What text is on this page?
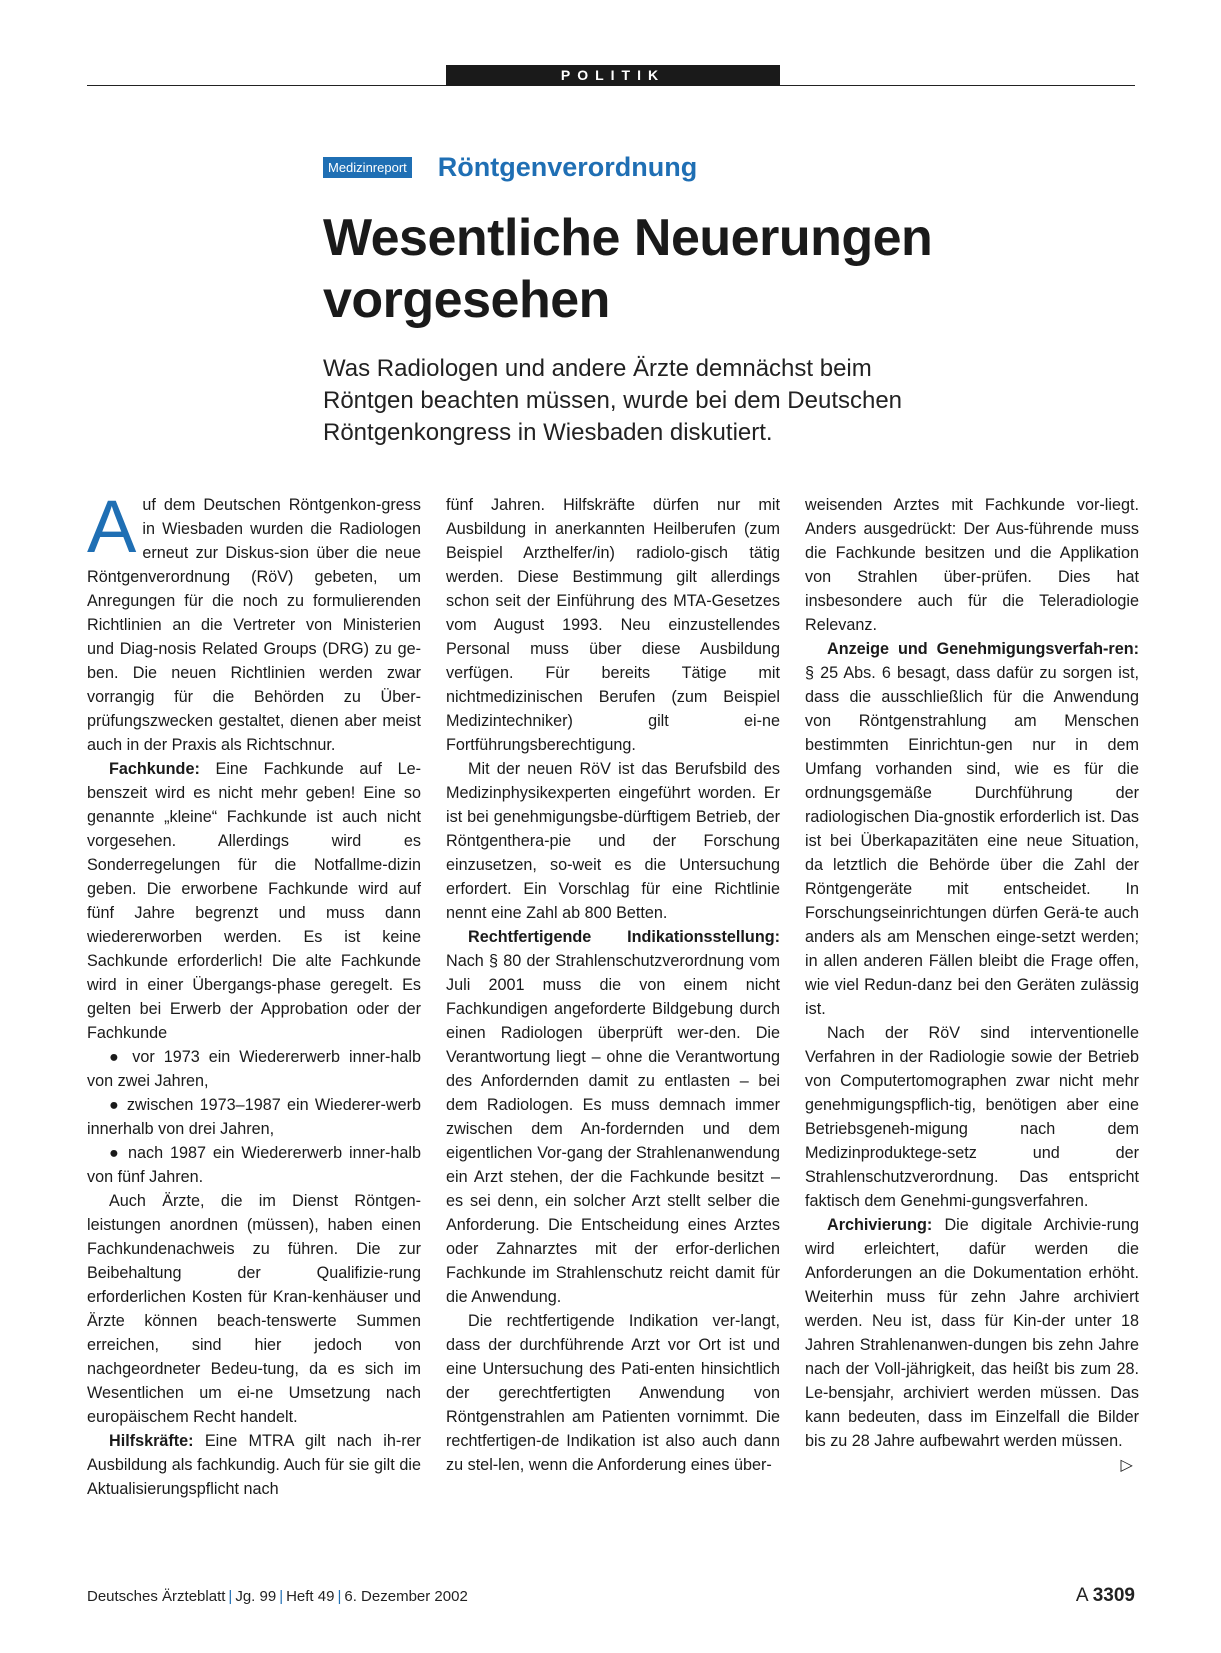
POLITIK
Medizinreport Röntgenverordnung
Wesentliche Neuerungen
vorgesehen

Was Radiologen und andere Ärzte demnächst beim
Röntgen beachten müssen, wurde bei dem Deutschen
Röntgenkongress in Wiesbaden diskutiert.

Auf dem Deutschen Röntgenkon-gress in Wiesbaden wurden die Radiologen erneut zur Diskus-sion über die neue Röntgenverordnung (RöV) gebeten, um Anregungen für die noch zu formulierenden Richtlinien an die Vertreter von Ministerien und Diag-nosis Related Groups (DRG) zu ge-ben. Die neuen Richtlinien werden zwar vorrangig für die Behörden zu Über-prüfungszwecken gestaltet, dienen aber meist auch in der Praxis als Richtschnur.

Fachkunde: Eine Fachkunde auf Le-benszeit wird es nicht mehr geben! Eine so genannte „kleine“ Fachkunde ist auch nicht vorgesehen. Allerdings wird es Sonderregelungen für die Notfallme-dizin geben. Die erworbene Fachkunde wird auf fünf Jahre begrenzt und muss dann wiedererworben werden. Es ist keine Sachkunde erforderlich! Die alte Fachkunde wird in einer Übergangs-phase geregelt. Es gelten bei Erwerb der Approbation oder der Fachkunde

● vor 1973 ein Wiedererwerb inner-halb von zwei Jahren,

● zwischen 1973–1987 ein Wiederer-werb innerhalb von drei Jahren,

● nach 1987 ein Wiedererwerb inner-halb von fünf Jahren.

Auch Ärzte, die im Dienst Röntgen-leistungen anordnen (müssen), haben einen Fachkundenachweis zu führen. Die zur Beibehaltung der Qualifizie-rung erforderlichen Kosten für Kran-kenhäuser und Ärzte können beach-tenswerte Summen erreichen, sind hier jedoch von nachgeordneter Bedeu-tung, da es sich im Wesentlichen um ei-ne Umsetzung nach europäischem Recht handelt.

Hilfskräfte: Eine MTRA gilt nach ih-rer Ausbildung als fachkundig. Auch für sie gilt die Aktualisierungspflicht nach

fünf Jahren. Hilfskräfte dürfen nur mit Ausbildung in anerkannten Heilberufen (zum Beispiel Arzthelfer/in) radiolo-gisch tätig werden. Diese Bestimmung gilt allerdings schon seit der Einführung des MTA-Gesetzes vom August 1993. Neu einzustellendes Personal muss über diese Ausbildung verfügen. Für bereits Tätige mit nichtmedizinischen Berufen (zum Beispiel Medizintechniker) gilt ei-ne Fortführungsberechtigung.

Mit der neuen RöV ist das Berufsbild des Medizinphysikexperten eingeführt worden. Er ist bei genehmigungsbe-dürftigem Betrieb, der Röntgenthera-pie und der Forschung einzusetzen, so-weit es die Untersuchung erfordert. Ein Vorschlag für eine Richtlinie nennt eine Zahl ab 800 Betten.

Rechtfertigende Indikationsstellung: Nach § 80 der Strahlenschutzverordnung vom Juli 2001 muss die von einem nicht Fachkundigen angeforderte Bildgebung durch einen Radiologen überprüft wer-den. Die Verantwortung liegt – ohne die Verantwortung des Anfordernden damit zu entlasten – bei dem Radiologen. Es muss demnach immer zwischen dem An-fordernden und dem eigentlichen Vor-gang der Strahlenanwendung ein Arzt stehen, der die Fachkunde besitzt – es sei denn, ein solcher Arzt stellt selber die Anforderung. Die Entscheidung eines Arztes oder Zahnarztes mit der erfor-derlichen Fachkunde im Strahlenschutz reicht damit für die Anwendung.

Die rechtfertigende Indikation ver-langt, dass der durchführende Arzt vor Ort ist und eine Untersuchung des Pati-enten hinsichtlich der gerechtfertigten Anwendung von Röntgenstrahlen am Patienten vornimmt. Die rechtfertigen-de Indikation ist also auch dann zu stel-len, wenn die Anforderung eines über-

weisenden Arztes mit Fachkunde vor-liegt. Anders ausgedrückt: Der Aus-führende muss die Fachkunde besitzen und die Applikation von Strahlen über-prüfen. Dies hat insbesondere auch für die Teleradiologie Relevanz.

Anzeige und Genehmigungsverfah-ren: § 25 Abs. 6 besagt, dass dafür zu sorgen ist, dass die ausschließlich für die Anwendung von Röntgenstrahlung am Menschen bestimmten Einrichtun-gen nur in dem Umfang vorhanden sind, wie es für die ordnungsgemäße Durchführung der radiologischen Dia-gnostik erforderlich ist. Das ist bei Überkapazitäten eine neue Situation, da letztlich die Behörde über die Zahl der Röntgengeräte mit entscheidet. In Forschungseinrichtungen dürfen Gerä-te auch anders als am Menschen einge-setzt werden; in allen anderen Fällen bleibt die Frage offen, wie viel Redun-danz bei den Geräten zulässig ist.

Nach der RöV sind interventionelle Verfahren in der Radiologie sowie der Betrieb von Computertomographen zwar nicht mehr genehmigungspflich-tig, benötigen aber eine Betriebsgeneh-migung nach dem Medizinproduktege-setz und der Strahlenschutzverordnung. Das entspricht faktisch dem Genehmi-gungsverfahren.

Archivierung: Die digitale Archivie-rung wird erleichtert, dafür werden die Anforderungen an die Dokumentation erhöht. Weiterhin muss für zehn Jahre archiviert werden. Neu ist, dass für Kin-der unter 18 Jahren Strahlenanwen-dungen bis zehn Jahre nach der Voll-jährigkeit, das heißt bis zum 28. Le-bensjahr, archiviert werden müssen. Das kann bedeuten, dass im Einzelfall die Bilder bis zu 28 Jahre aufbewahrt werden müssen.
▷

Deutsches Ärzteblatt | Jg. 99 | Heft 49 | 6. Dezember 2002	A 3309
